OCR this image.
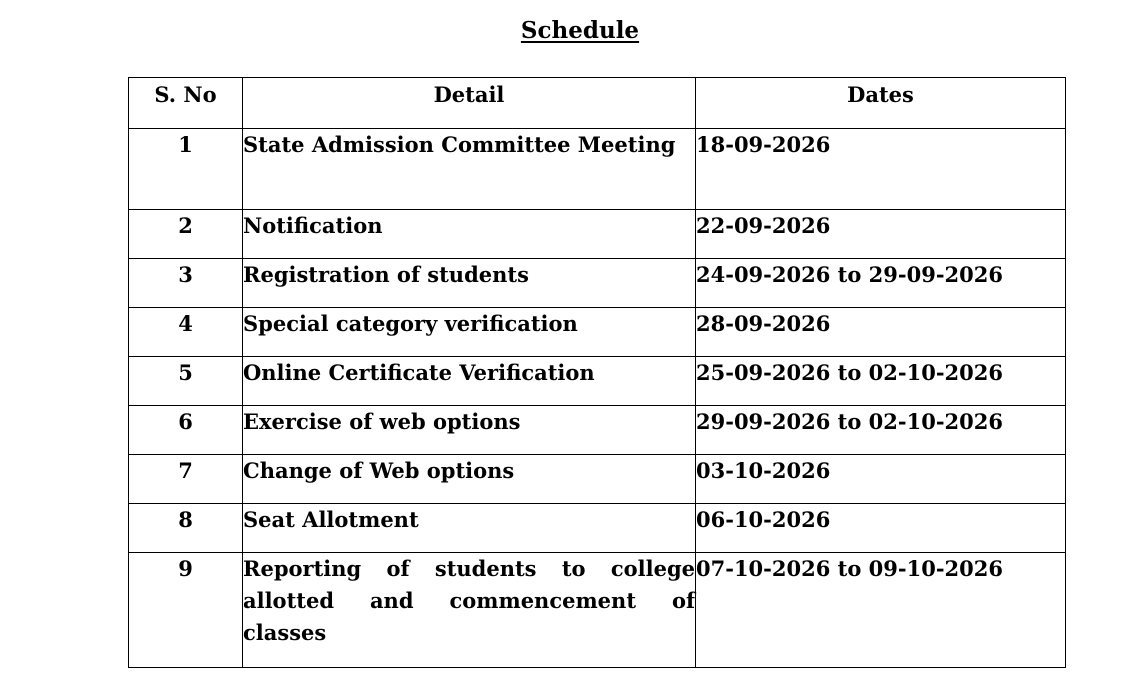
Schedule
S. No	Detail	Dates
1	State Admission Committee Meeting	18-09-2026
2	Notification	22-09-2026
3	Registration of students	24-09-2026 to 29-09-2026
4	Special category verification	28-09-2026
5	Online Certificate Verification	25-09-2026 to 02-10-2026
6	Exercise of web options	29-09-2026 to 02-10-2026
7	Change of Web options	03-10-2026
8	Seat Allotment	06-10-2026
9	Reporting of students to college allotted and commencement of classes	07-10-2026 to 09-10-2026
